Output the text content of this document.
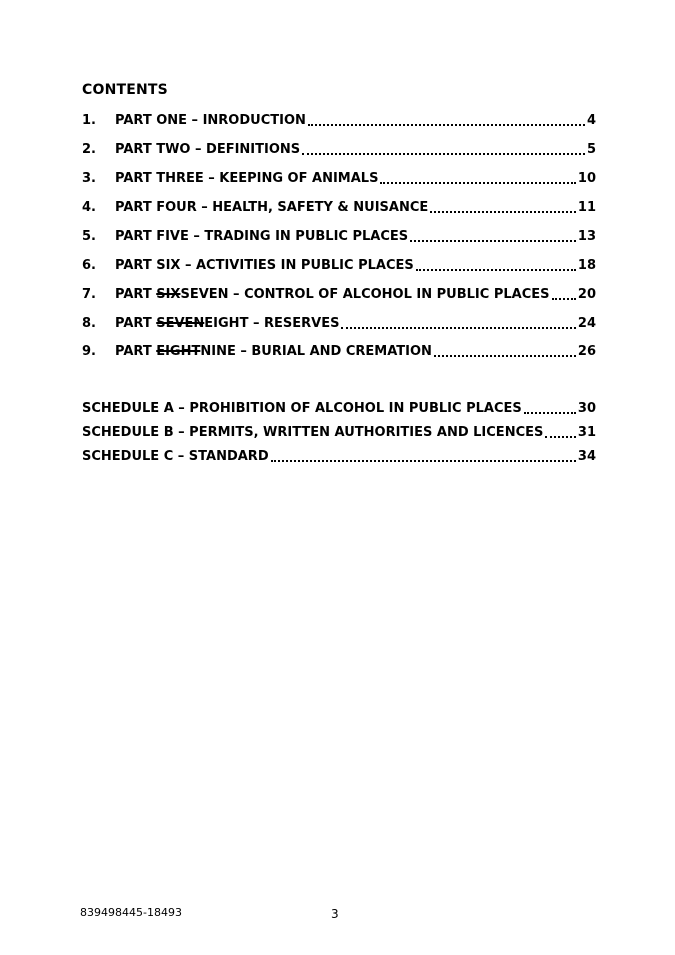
CONTENTS
1.	PART ONE – INRODUCTION	4
2.	PART TWO – DEFINITIONS	5
3.	PART THREE – KEEPING OF ANIMALS	10
4.	PART FOUR – HEALTH, SAFETY & NUISANCE	11
5.	PART FIVE – TRADING IN PUBLIC PLACES	13
6.	PART SIX – ACTIVITIES IN PUBLIC PLACES	18
7.	PART SIXSEVEN – CONTROL OF ALCOHOL IN PUBLIC PLACES 20
8.	PART SEVENEIGHT – RESERVES	24
9.	PART EIGHTNINE – BURIAL AND CREMATION	26
SCHEDULE A – PROHIBITION OF ALCOHOL IN PUBLIC PLACES	30
SCHEDULE B – PERMITS, WRITTEN AUTHORITIES AND LICENCES	31
SCHEDULE C – STANDARD	34
839498445-18493	3
